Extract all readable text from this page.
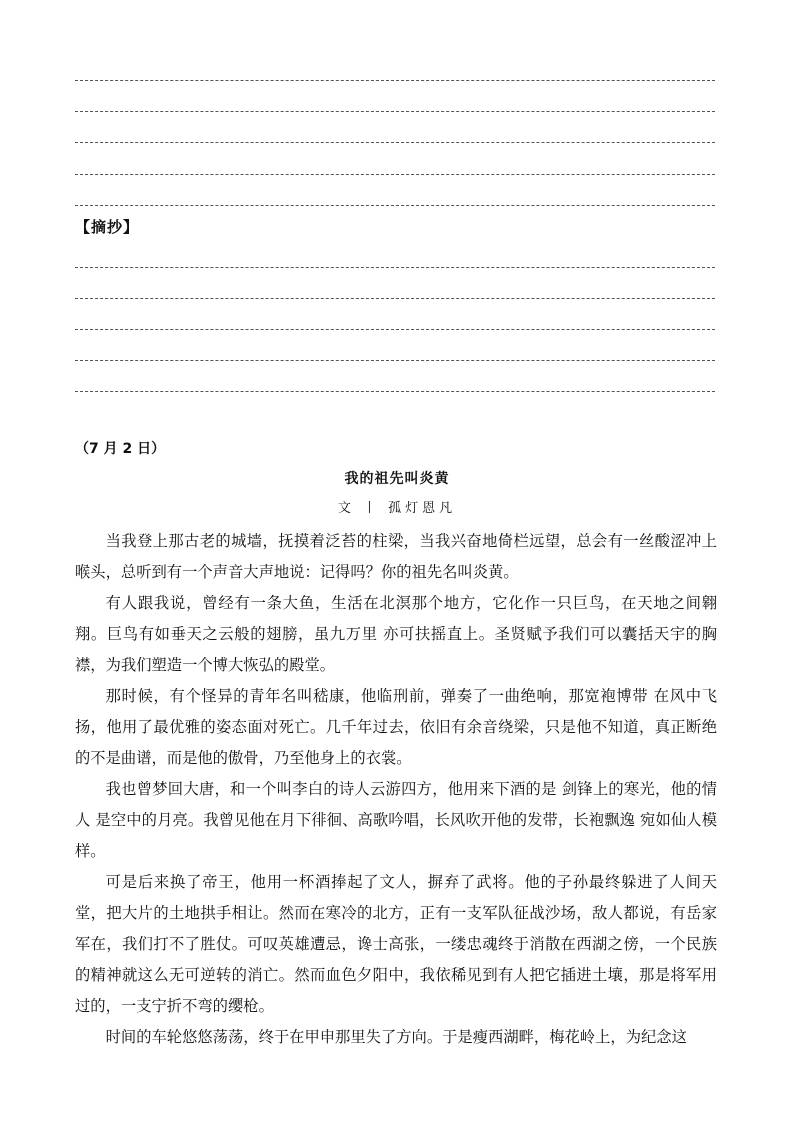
【摘抄】
（7 月 2 日）
我的祖先叫炎黄
文 丨 孤灯恩凡

当我登上那古老的城墙，抚摸着泛苔的柱梁，当我兴奋地倚栏远望，总会有一丝酸涩冲上喉头，总听到有一个声音大声地说：记得吗？你的祖先名叫炎黄。

有人跟我说，曾经有一条大鱼，生活在北溟那个地方，它化作一只巨鸟，在天地之间翱翔。巨鸟有如垂天之云般的翅膀，虽九万里 亦可扶摇直上。圣贤赋予我们可以囊括天宇的胸襟，为我们塑造一个博大恢弘的殿堂。

那时候，有个怪异的青年名叫嵇康，他临刑前，弹奏了一曲绝响，那宽袍博带 在风中飞扬，他用了最优雅的姿态面对死亡。几千年过去，依旧有余音绕梁，只是他不知道，真正断绝的不是曲谱，而是他的傲骨，乃至他身上的衣裳。

我也曾梦回大唐，和一个叫李白的诗人云游四方，他用来下酒的是 剑锋上的寒光，他的情人 是空中的月亮。我曾见他在月下徘徊、高歌吟唱，长风吹开他的发带，长袍飘逸 宛如仙人模样。

可是后来换了帝王，他用一杯酒捧起了文人，摒弃了武将。他的子孙最终躲进了人间天堂，把大片的土地拱手相让。然而在寒冷的北方，正有一支军队征战沙场，敌人都说，有岳家军在，我们打不了胜仗。可叹英雄遭忌，谗士高张，一缕忠魂终于消散在西湖之傍，一个民族的精神就这么无可逆转的消亡。然而血色夕阳中，我依稀见到有人把它插进土壤，那是将军用过的，一支宁折不弯的缨枪。

时间的车轮悠悠荡荡，终于在甲申那里失了方向。于是瘦西湖畔，梅花岭上，为纪念这
